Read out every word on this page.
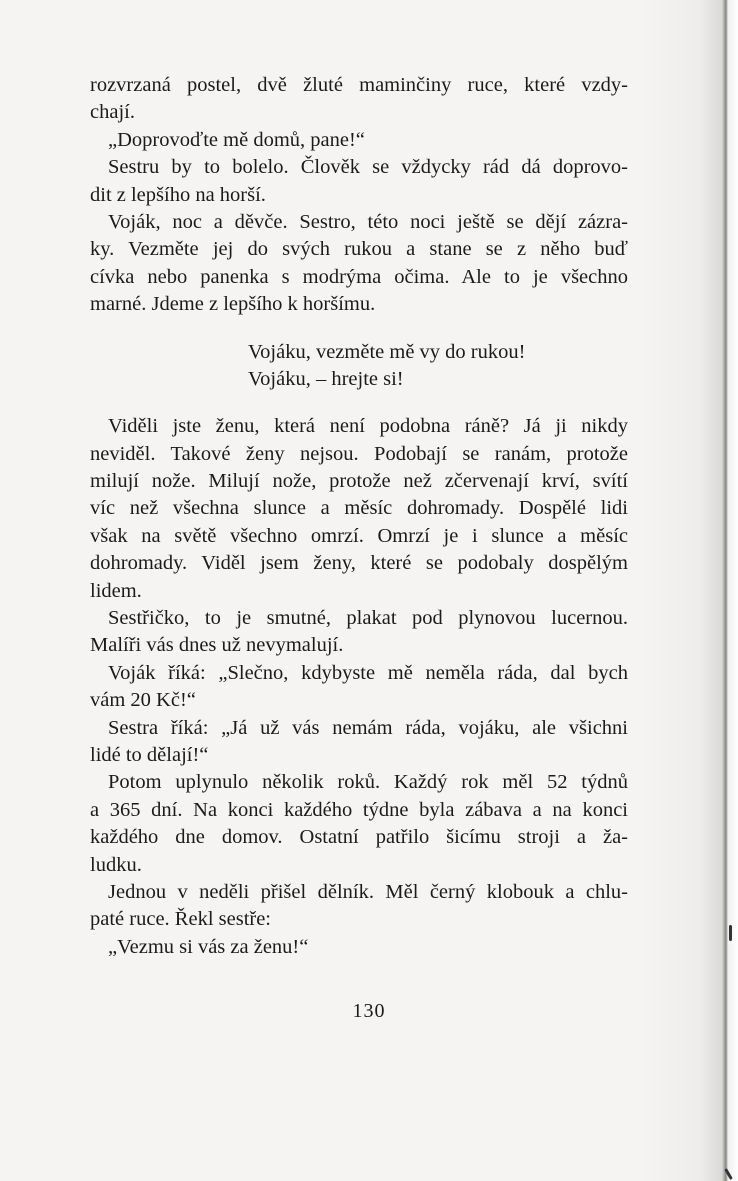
rozvrzaná postel, dvě žluté maminčiny ruce, které vzdy-
chají.
„Doprovoďte mě domů, pane!“
Sestru by to bolelo. Člověk se vždycky rád dá doprovo-
dit z lepšího na horší.
Voják, noc a děvče. Sestro, této noci ještě se dějí zázra-
ky. Vezměte jej do svých rukou a stane se z něho buď
cívka nebo panenka s modrýma očima. Ale to je všechno
marné. Jdeme z lepšího k horšímu.
Vojáku, vezměte mě vy do rukou!
Vojáku, – hrejte si!
Viděli jste ženu, která není podobna ráně? Já ji nikdy
neviděl. Takové ženy nejsou. Podobají se ranám, protože
milují nože. Milují nože, protože než zčervenají krví, svítí
víc než všechna slunce a měsíc dohromady. Dospělé lidi
však na světě všechno omrzí. Omrzí je i slunce a měsíc
dohromady. Viděl jsem ženy, které se podobaly dospělým
lidem.
Sestřičko, to je smutné, plakat pod plynovou lucernou.
Malíři vás dnes už nevymalují.
Voják říká: „Slečno, kdybyste mě neměla ráda, dal bych
vám 20 Kč!“
Sestra říká: „Já už vás nemám ráda, vojáku, ale všichni
lidé to dělají!“
Potom uplynulo několik roků. Každý rok měl 52 týdnů
a 365 dní. Na konci každého týdne byla zábava a na konci
každého dne domov. Ostatní patřilo šicímu stroji a ža-
ludku.
Jednou v neděli přišel dělník. Měl černý klobouk a chlu-
paté ruce. Řekl sestře:
„Vezmu si vás za ženu!“
130
